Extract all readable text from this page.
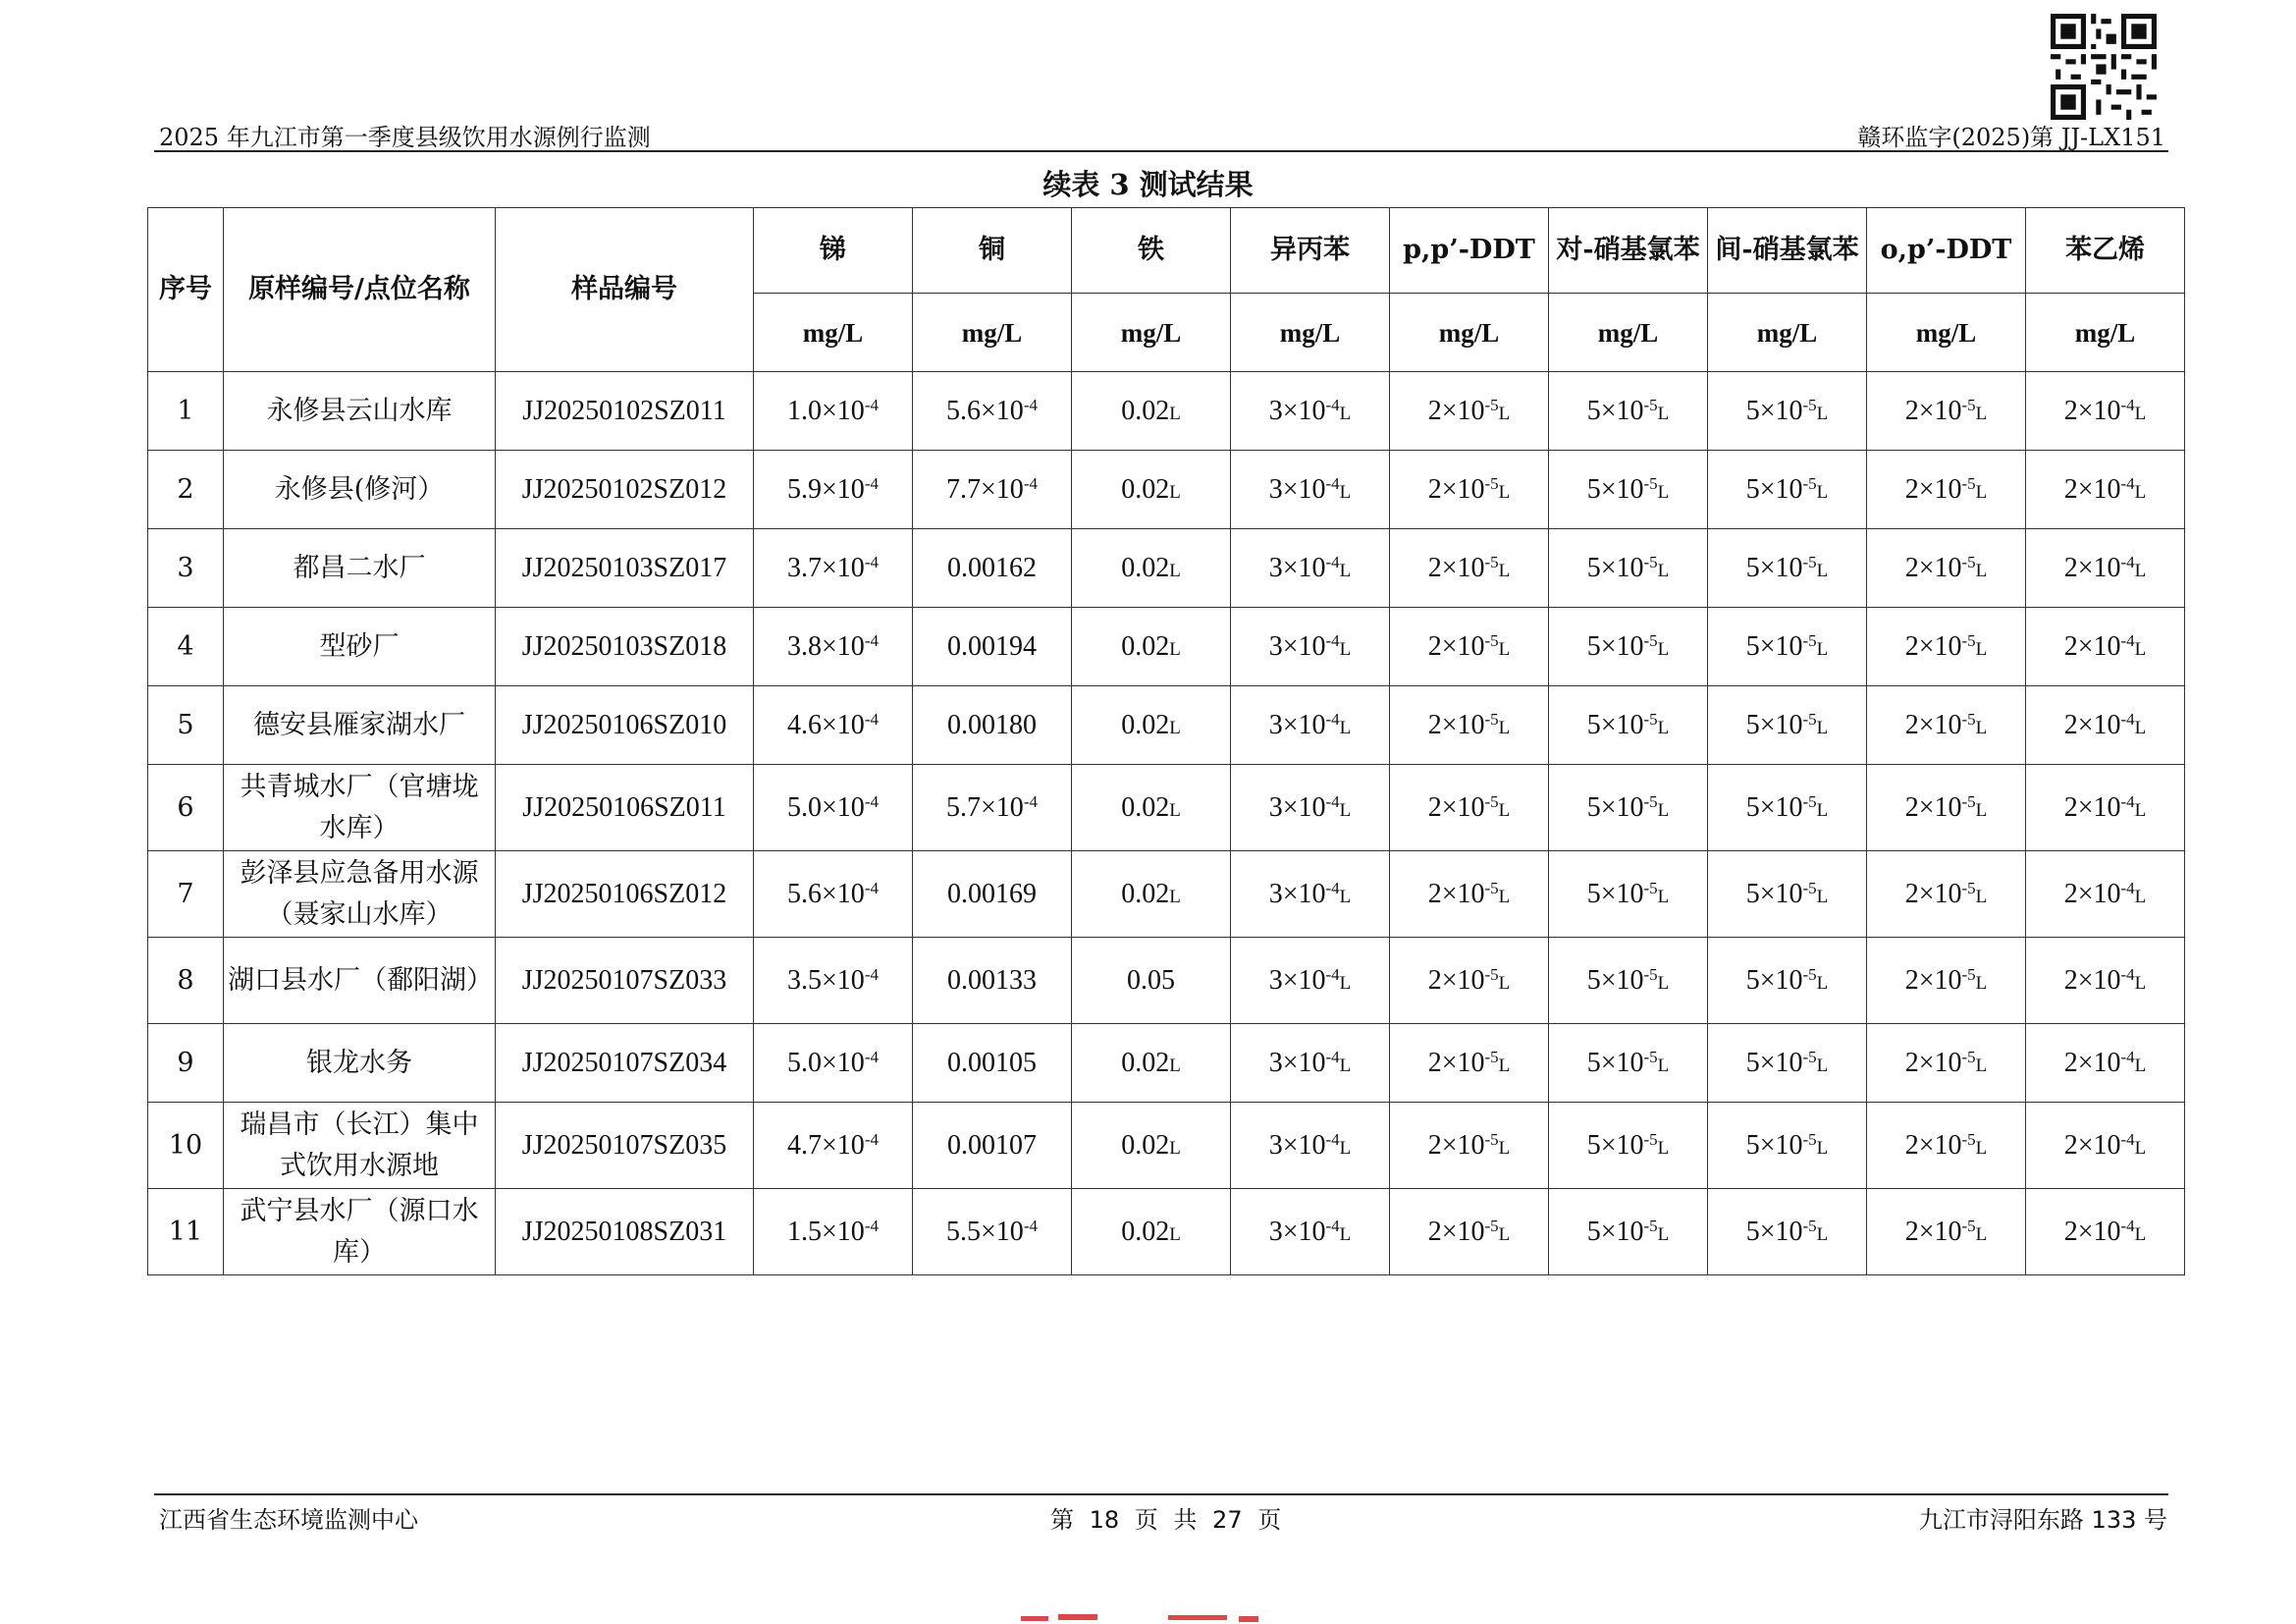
2025 年九江市第一季度县级饮用水源例行监测	赣环监字(2025)第 JJ-LX151
续表 3 测试结果
序号	原样编号/点位名称	样品编号	锑	铜	铁	异丙苯	p,p’-DDT	对-硝基氯苯	间-硝基氯苯	o,p’-DDT	苯乙烯
			mg/L	mg/L	mg/L	mg/L	mg/L	mg/L	mg/L	mg/L	mg/L
1	永修县云山水库	JJ20250102SZ011	$1.0\times 10^{-4}$	$5.6\times 10^{-4}$	$0.02_L$	$3\times 10^{-4}_L$	$2\times 10^{-5}_L$	$5\times 10^{-5}_L$	$5\times 10^{-5}_L$	$2\times 10^{-5}_L$	$2\times 10^{-4}_L$
2	永修县(修河）	JJ20250102SZ012	$5.9\times 10^{-4}$	$7.7\times 10^{-4}$	$0.02_L$	$3\times 10^{-4}_L$	$2\times 10^{-5}_L$	$5\times 10^{-5}_L$	$5\times 10^{-5}_L$	$2\times 10^{-5}_L$	$2\times 10^{-4}_L$
3	都昌二水厂	JJ20250103SZ017	$3.7\times 10^{-4}$	0.00162	$0.02_L$	$3\times 10^{-4}_L$	$2\times 10^{-5}_L$	$5\times 10^{-5}_L$	$5\times 10^{-5}_L$	$2\times 10^{-5}_L$	$2\times 10^{-4}_L$
4	型砂厂	JJ20250103SZ018	$3.8\times 10^{-4}$	0.00194	$0.02_L$	$3\times 10^{-4}_L$	$2\times 10^{-5}_L$	$5\times 10^{-5}_L$	$5\times 10^{-5}_L$	$2\times 10^{-5}_L$	$2\times 10^{-4}_L$
5	德安县雁家湖水厂	JJ20250106SZ010	$4.6\times 10^{-4}$	0.00180	$0.02_L$	$3\times 10^{-4}_L$	$2\times 10^{-5}_L$	$5\times 10^{-5}_L$	$5\times 10^{-5}_L$	$2\times 10^{-5}_L$	$2\times 10^{-4}_L$
6	共青城水厂（官塘垅水库）	JJ20250106SZ011	$5.0\times 10^{-4}$	$5.7\times 10^{-4}$	$0.02_L$	$3\times 10^{-4}_L$	$2\times 10^{-5}_L$	$5\times 10^{-5}_L$	$5\times 10^{-5}_L$	$2\times 10^{-5}_L$	$2\times 10^{-4}_L$
7	彭泽县应急备用水源（聂家山水库）	JJ20250106SZ012	$5.6\times 10^{-4}$	0.00169	$0.02_L$	$3\times 10^{-4}_L$	$2\times 10^{-5}_L$	$5\times 10^{-5}_L$	$5\times 10^{-5}_L$	$2\times 10^{-5}_L$	$2\times 10^{-4}_L$
8	湖口县水厂（鄱阳湖）	JJ20250107SZ033	$3.5\times 10^{-4}$	0.00133	0.05	$3\times 10^{-4}_L$	$2\times 10^{-5}_L$	$5\times 10^{-5}_L$	$5\times 10^{-5}_L$	$2\times 10^{-5}_L$	$2\times 10^{-4}_L$
9	银龙水务	JJ20250107SZ034	$5.0\times 10^{-4}$	0.00105	$0.02_L$	$3\times 10^{-4}_L$	$2\times 10^{-5}_L$	$5\times 10^{-5}_L$	$5\times 10^{-5}_L$	$2\times 10^{-5}_L$	$2\times 10^{-4}_L$
10	瑞昌市（长江）集中式饮用水源地	JJ20250107SZ035	$4.7\times 10^{-4}$	0.00107	$0.02_L$	$3\times 10^{-4}_L$	$2\times 10^{-5}_L$	$5\times 10^{-5}_L$	$5\times 10^{-5}_L$	$2\times 10^{-5}_L$	$2\times 10^{-4}_L$
11	武宁县水厂（源口水库）	JJ20250108SZ031	$1.5\times 10^{-4}$	$5.5\times 10^{-4}$	$0.02_L$	$3\times 10^{-4}_L$	$2\times 10^{-5}_L$	$5\times 10^{-5}_L$	$5\times 10^{-5}_L$	$2\times 10^{-5}_L$	$2\times 10^{-4}_L$
江西省生态环境监测中心	第 18 页 共 27 页	九江市浔阳东路 133 号
